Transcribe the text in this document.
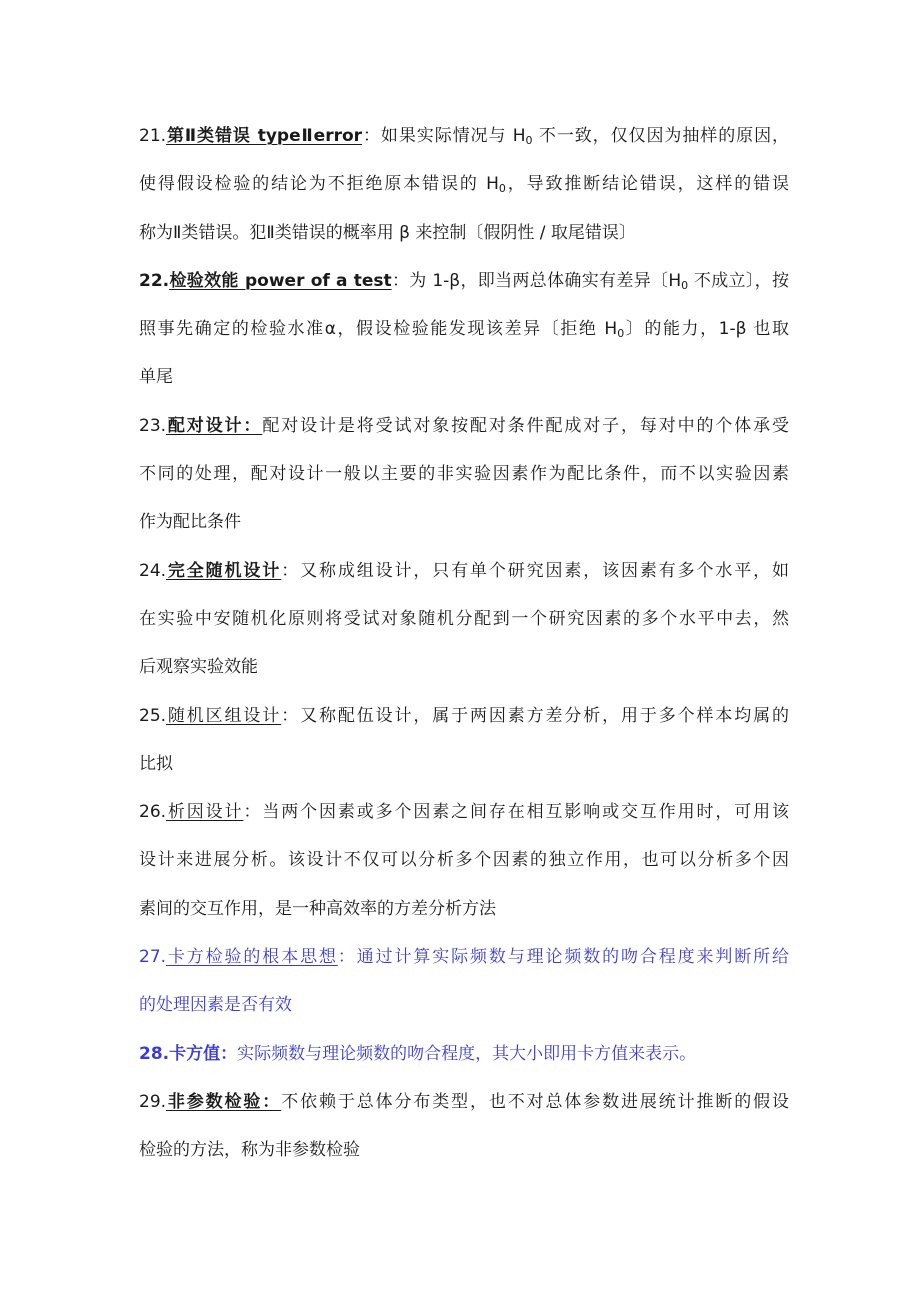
21.第Ⅱ类错误 typeⅡerror：如果实际情况与 $H_0$ 不一致，仅仅因为抽样的原因，
使得假设检验的结论为不拒绝原本错误的 $H_0$，导致推断结论错误，这样的错误
称为Ⅱ类错误。犯Ⅱ类错误的概率用 β 来控制〔假阴性 / 取尾错误〕
22.检验效能 power of a test：为 1-β，即当两总体确实有差异〔$H_0$ 不成立〕，按
照事先确定的检验水准α，假设检验能发现该差异〔拒绝 $H_0$〕的能力，1-β 也取
单尾
23.配对设计：配对设计是将受试对象按配对条件配成对子，每对中的个体承受
不同的处理，配对设计一般以主要的非实验因素作为配比条件，而不以实验因素
作为配比条件
24.完全随机设计：又称成组设计，只有单个研究因素，该因素有多个水平，如
在实验中安随机化原则将受试对象随机分配到一个研究因素的多个水平中去，然
后观察实验效能
25.随机区组设计：又称配伍设计，属于两因素方差分析，用于多个样本均属的
比拟
26.析因设计：当两个因素或多个因素之间存在相互影响或交互作用时，可用该
设计来进展分析。该设计不仅可以分析多个因素的独立作用，也可以分析多个因
素间的交互作用，是一种高效率的方差分析方法
27.卡方检验的根本思想：通过计算实际频数与理论频数的吻合程度来判断所给
的处理因素是否有效
28.卡方值：实际频数与理论频数的吻合程度，其大小即用卡方值来表示。
29.非参数检验：不依赖于总体分布类型，也不对总体参数进展统计推断的假设
检验的方法，称为非参数检验
